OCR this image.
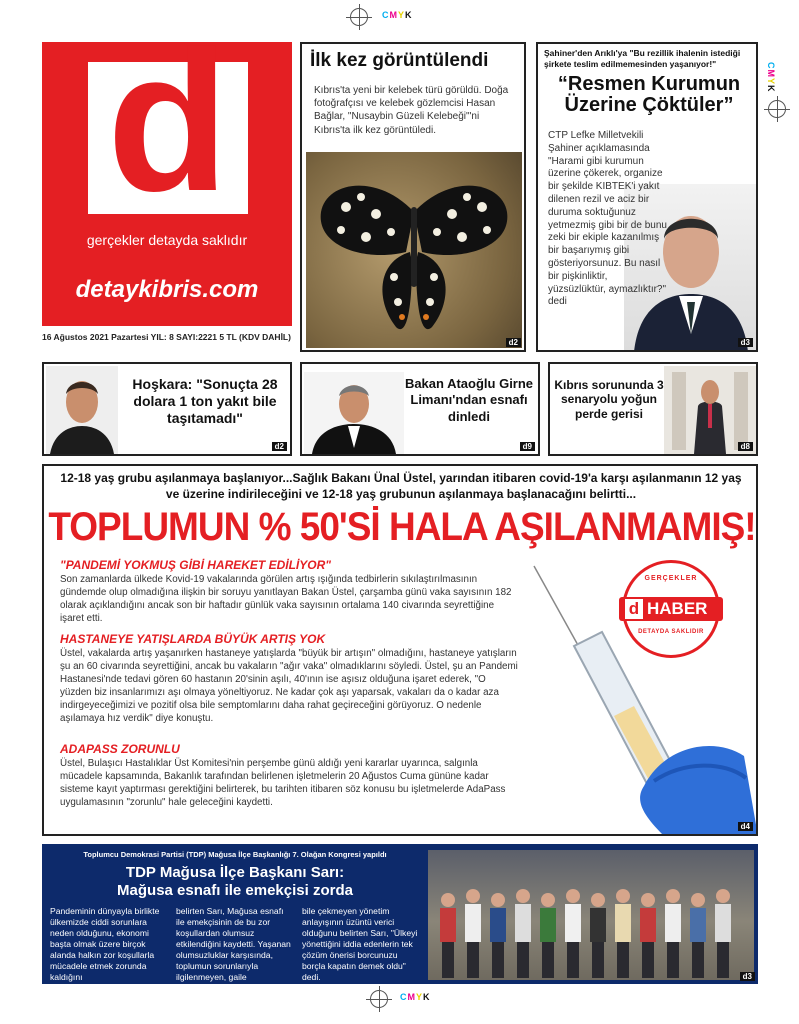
CMYK
CMYK
CMYK
d
gerçekler detayda saklıdır
detaykibris.com
16 Ağustos 2021 Pazartesi YIL: 8 SAYI:2221 5 TL (KDV DAHİL)
İlk kez görüntülendi
Kıbrıs'ta yeni bir kelebek türü görüldü. Doğa fotoğrafçısı ve kelebek gözlemcisi Hasan Bağlar, "Nusaybin Güzeli Kelebeği"'ni Kıbrıs'ta ilk kez görüntüledi.
d2
Şahiner'den Arıklı'ya "Bu rezillik ihalenin istediği şirkete teslim edilmemesinden yaşanıyor!"
“Resmen Kurumun Üzerine Çöktüler”
CTP Lefke Milletvekili Şahiner açıklamasında "Harami gibi kurumun üzerine çökerek, organize bir şekilde KIBTEK'i yakıt dilenen rezil ve aciz bir duruma soktuğunuz yetmezmiş gibi bir de bunu zeki bir ekiple kazanılmış bir başarıymış gibi gösteriyorsunuz. Bu nasıl bir pişkinliktir, yüzsüzlüktür, aymazlıktır?" dedi
d3
Hoşkara: "Sonuçta 28 dolara 1 ton yakıt bile taşıtamadı"
d2
Bakan Ataoğlu Girne Limanı'ndan esnafı dinledi
d9
Kıbrıs sorununda 3 senaryolu yoğun perde gerisi
d8
12-18 yaş grubu aşılanmaya başlanıyor...Sağlık Bakanı Ünal Üstel, yarından itibaren covid-19'a karşı aşılanmanın 12 yaş ve üzerine indirileceğini ve 12-18 yaş grubunun aşılanmaya başlanacağını belirtti...
TOPLUMUN % 50'Sİ HALA AŞILANMAMIŞ!
GERÇEKLER
d HABER
DETAYDA SAKLIDIR
"PANDEMİ YOKMUŞ GİBİ HAREKET EDİLİYOR"
Son zamanlarda ülkede Kovid-19 vakalarında görülen artış ışığında tedbirlerin sıkılaştırılmasının gündemde olup olmadığına ilişkin bir soruyu yanıtlayan Bakan Üstel, çarşamba günü vaka sayısının 182 olarak açıklandığını ancak son bir haftadır günlük vaka sayısının ortalama 140 civarında seyrettiğine işaret etti.
HASTANEYE YATIŞLARDA BÜYÜK ARTIŞ YOK
Üstel, vakalarda artış yaşanırken hastaneye yatışlarda "büyük bir artışın" olmadığını, hastaneye yatışların şu an 60 civarında seyrettiğini, ancak bu vakaların "ağır vaka" olmadıklarını söyledi. Üstel, şu an Pandemi Hastanesi'nde tedavi gören 60 hastanın 20'sinin aşılı, 40'ının ise aşısız olduğuna işaret ederek, "O yüzden biz insanlarımızı aşı olmaya yöneltiyoruz. Ne kadar çok aşı yaparsak, vakaları da o kadar aza indirgeyeceğimizi ve pozitif olsa bile semptomlarını daha rahat geçireceğini görüyoruz. O nedenle aşılamaya hız verdik" diye konuştu.
ADAPASS ZORUNLU
Üstel, Bulaşıcı Hastalıklar Üst Komitesi'nin perşembe günü aldığı yeni kararlar uyarınca, salgınla mücadele kapsamında, Bakanlık tarafından belirlenen işletmelerin 20 Ağustos Cuma gününe kadar sisteme kayıt yaptırması gerektiğini belirterek, bu tarihten itibaren söz konusu bu işletmelerde AdaPass uygulamasının "zorunlu" hale geleceğini kaydetti.
d4
Toplumcu Demokrasi Partisi (TDP) Mağusa İlçe Başkanlığı 7. Olağan Kongresi yapıldı
TDP Mağusa İlçe Başkanı Sarı:
Mağusa esnafı ile emekçisi zorda
Pandeminin dünyayla birlikte ülkemizde ciddi sorunlara neden olduğunu, ekonomi başta olmak üzere birçok alanda halkın zor koşullarla mücadele etmek zorunda kaldığını
belirten Sarı, Mağusa esnafı ile emekçisinin de bu zor koşullardan olumsuz etkilendiğini kaydetti. Yaşanan olumsuzluklar karşısında, toplumun sorunlarıyla ilgilenmeyen, gaile
bile çekmeyen yönetim anlayışının üzüntü verici olduğunu belirten Sarı, "Ülkeyi yönettiğini iddia edenlerin tek çözüm önerisi borcunuzu borçla kapatın demek oldu" dedi.	d3
